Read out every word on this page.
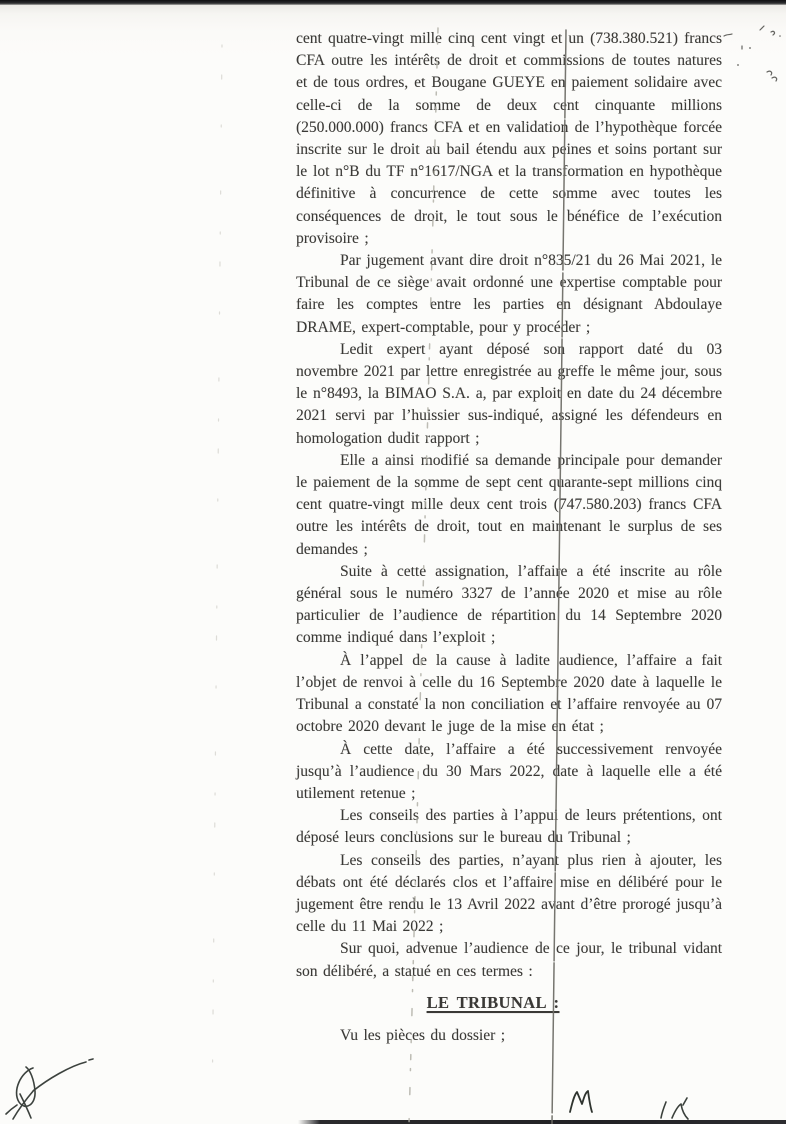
cent quatre-vingt mille cinq cent vingt et un (738.380.521) francs CFA outre les intérêts de droit et commissions de toutes natures et de tous ordres, et Bougane GUEYE en paiement solidaire avec celle-ci de la somme de deux cent cinquante millions (250.000.000) francs CFA et en validation de l’hypothèque forcée inscrite sur le droit au bail étendu aux peines et soins portant sur le lot n°B du TF n°1617/NGA et la transformation en hypothèque définitive à concurrence de cette somme avec toutes les conséquences de droit, le tout sous le bénéfice de l’exécution provisoire ;

Par jugement avant dire droit n°835/21 du 26 Mai 2021, le Tribunal de ce siège avait ordonné une expertise comptable pour faire les comptes entre les parties en désignant Abdoulaye DRAME, expert-comptable, pour y procéder ;

Ledit expert ayant déposé son rapport daté du 03 novembre 2021 par lettre enregistrée au greffe le même jour, sous le n°8493, la BIMAO S.A. a, par exploit en date du 24 décembre 2021 servi par l’huissier sus-indiqué, assigné les défendeurs en homologation dudit rapport ;

Elle a ainsi modifié sa demande principale pour demander le paiement de la somme de sept cent quarante-sept millions cinq cent quatre-vingt mille deux cent trois (747.580.203) francs CFA outre les intérêts de droit, tout en maintenant le surplus de ses demandes ;

Suite à cette assignation, l’affaire a été inscrite au rôle général sous le numéro 3327 de l’année 2020 et mise au rôle particulier de l’audience de répartition du 14 Septembre 2020 comme indiqué dans l’exploit ;

À l’appel de la cause à ladite audience, l’affaire a fait l’objet de renvoi à celle du 16 Septembre 2020 date à laquelle le Tribunal a constaté la non conciliation et l’affaire renvoyée au 07 octobre 2020 devant le juge de la mise en état ;

À cette date, l’affaire a été successivement renvoyée jusqu’à l’audience du 30 Mars 2022, date à laquelle elle a été utilement retenue ;

Les conseils des parties à l’appui de leurs prétentions, ont déposé leurs conclusions sur le bureau du Tribunal ;

Les conseils des parties, n’ayant plus rien à ajouter, les débats ont été déclarés clos et l’affaire mise en délibéré pour le jugement être rendu le 13 Avril 2022 avant d’être prorogé jusqu’à celle du 11 Mai 2022 ;

Sur quoi, advenue l’audience de ce jour, le tribunal vidant son délibéré, a statué en ces termes :

LE TRIBUNAL :

Vu les pièces du dossier ;
